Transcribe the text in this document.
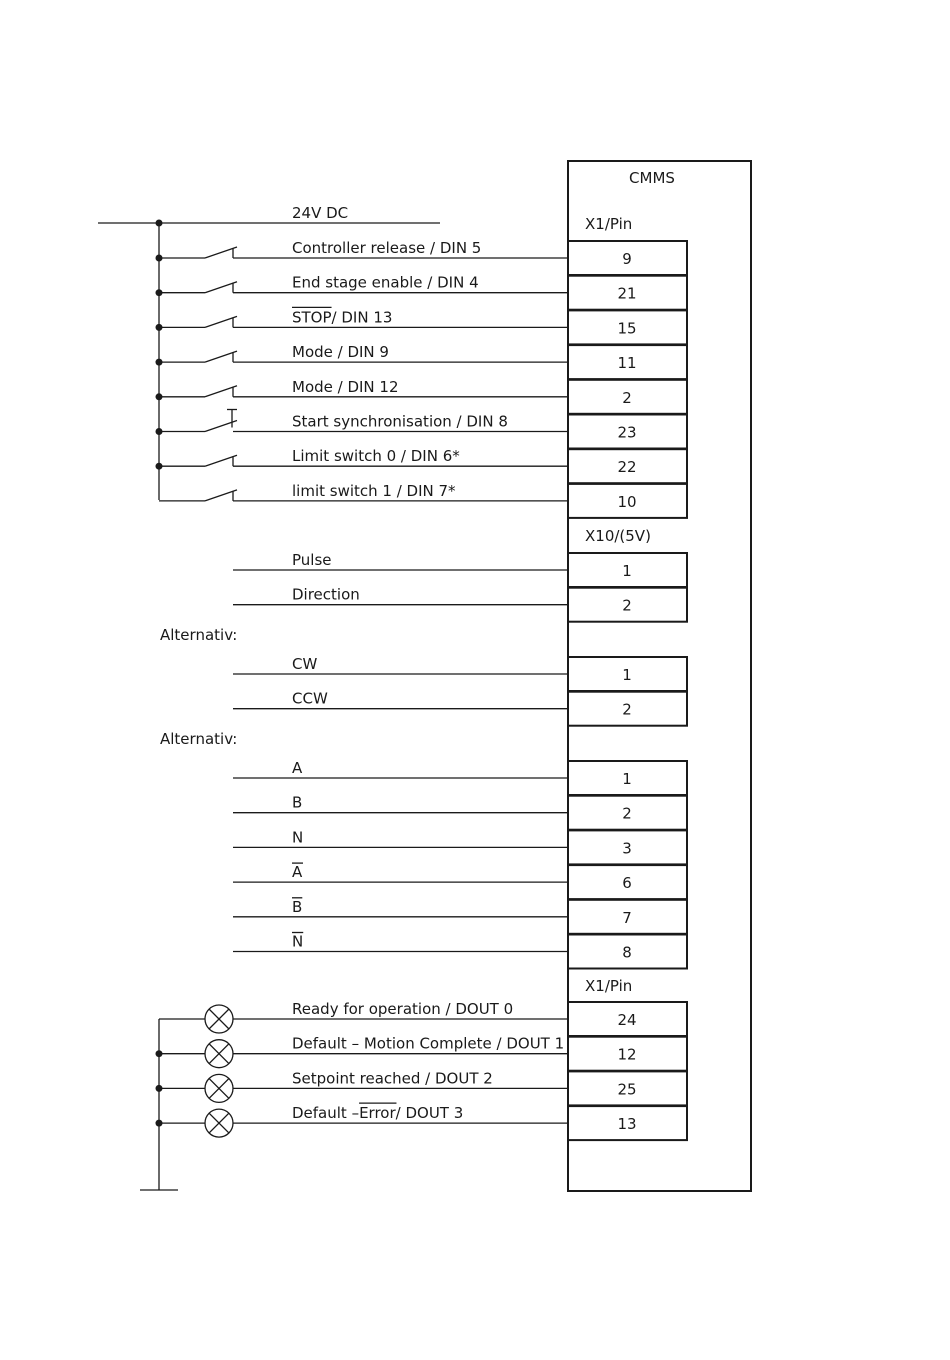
CMMS
X1/Pin
X10/(5V)
X1/Pin
Alternativ:
Alternativ:
24V DC
Controller release / DIN 5
9
End stage enable / DIN 4
21
STOP / DIN 13
15
Mode / DIN 9
11
Mode / DIN 12
2
Start synchronisation / DIN 8
23
Limit switch 0 / DIN 6*
22
limit switch 1 / DIN 7*
10
Pulse
1
Direction
2
CW
1
CCW
2
A
1
B
2
N
3
A
6
B
7
N
8
Ready for operation / DOUT 0
24
Default – Motion Complete / DOUT 1
12
Setpoint reached / DOUT 2
25
Default – Error / DOUT 3
13
